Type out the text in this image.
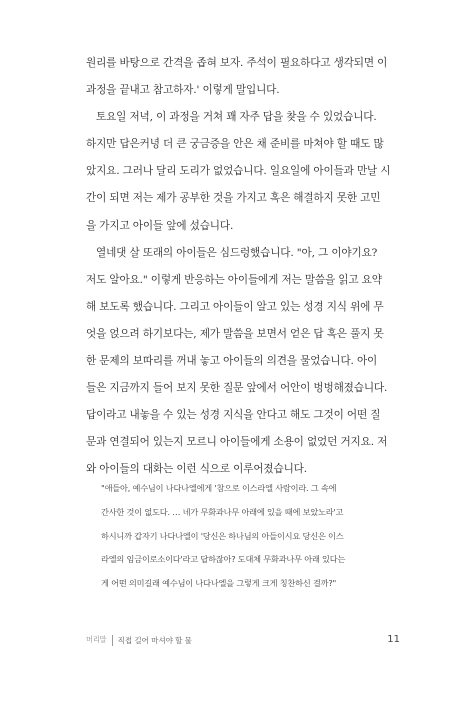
원리를 바탕으로 간격을 좁혀 보자. 주석이 필요하다고 생각되면 이
과정을 끝내고 참고하자.' 이렇게 말입니다.
토요일 저녁, 이 과정을 거쳐 꽤 자주 답을 찾을 수 있었습니다.
하지만 답은커녕 더 큰 궁금증을 안은 채 준비를 마쳐야 할 때도 많
았지요. 그러나 달리 도리가 없었습니다. 일요일에 아이들과 만날 시
간이 되면 저는 제가 공부한 것을 가지고 혹은 해결하지 못한 고민
을 가지고 아이들 앞에 섰습니다.
열네댓 살 또래의 아이들은 심드렁했습니다. "아, 그 이야기요?
저도 알아요." 이렇게 반응하는 아이들에게 저는 말씀을 읽고 요약
해 보도록 했습니다. 그리고 아이들이 알고 있는 성경 지식 위에 무
엇을 얹으려 하기보다는, 제가 말씀을 보면서 얻은 답 혹은 풀지 못
한 문제의 보따리를 꺼내 놓고 아이들의 의견을 물었습니다. 아이
들은 지금까지 들어 보지 못한 질문 앞에서 어안이 벙벙해졌습니다.
답이라고 내놓을 수 있는 성경 지식을 안다고 해도 그것이 어떤 질
문과 연결되어 있는지 모르니 아이들에게 소용이 없었던 거지요. 저
와 아이들의 대화는 이런 식으로 이루어졌습니다.
"애들아, 예수님이 나다나엘에게 '참으로 이스라엘 사람이라. 그 속에
간사한 것이 없도다. … 네가 무화과나무 아래에 있을 때에 보았노라'고
하시니까 갑자기 나다나엘이 '당신은 하나님의 아들이시요 당신은 이스
라엘의 임금이로소이다'라고 답하잖아? 도대체 무화과나무 아래 있다는
게 어떤 의미길래 예수님이 나다나엘을 그렇게 크게 칭찬하신 걸까?"
머리말 직접 길어 마셔야 할 물	11
